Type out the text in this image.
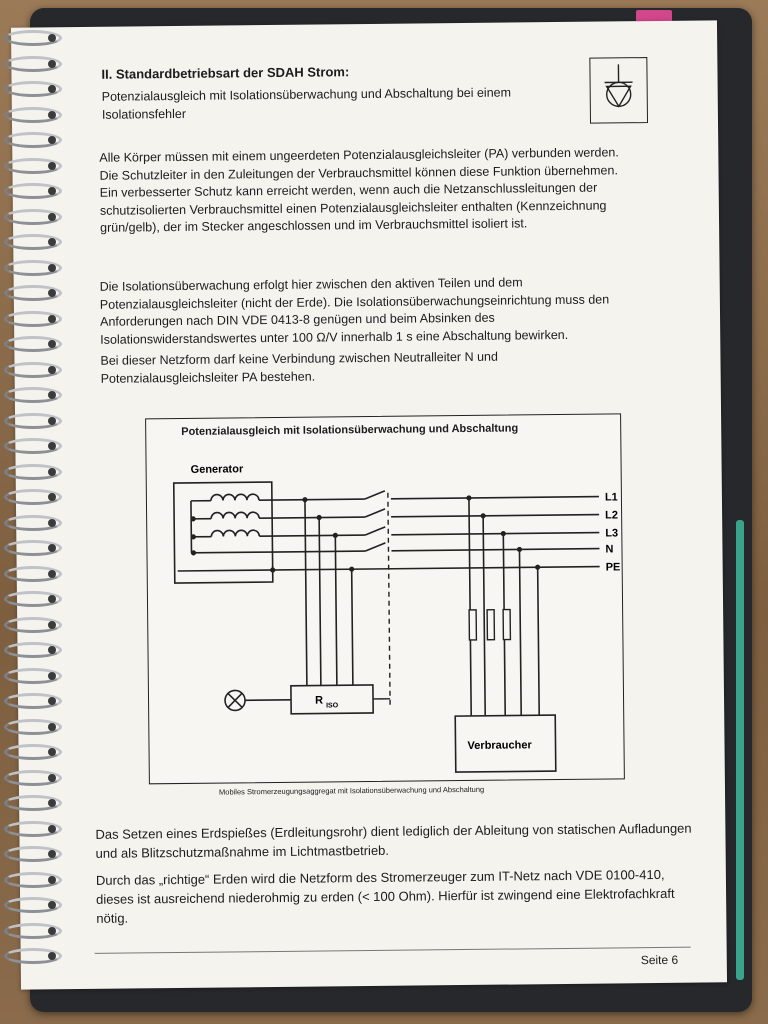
II. Standardbetriebsart der SDAH Strom:

Potenzialausgleich mit Isolationsüberwachung und Abschaltung bei einem Isolationsfehler

Alle Körper müssen mit einem ungeerdeten Potenzialausgleichsleiter (PA) verbunden werden. Die Schutzleiter in den Zuleitungen der Verbrauchsmittel können diese Funktion übernehmen. Ein verbesserter Schutz kann erreicht werden, wenn auch die Netzanschlussleitungen der schutzisolierten Verbrauchsmittel einen Potenzialausgleichsleiter enthalten (Kennzeichnung grün/gelb), der im Stecker angeschlossen und im Verbrauchsmittel isoliert ist.

Die Isolationsüberwachung erfolgt hier zwischen den aktiven Teilen und dem Potenzialausgleichsleiter (nicht der Erde). Die Isolationsüberwachungseinrichtung muss den Anforderungen nach DIN VDE 0413-8 genügen und beim Absinken des Isolationswiderstandswertes unter 100 Ω/V innerhalb 1 s eine Abschaltung bewirken.

Bei dieser Netzform darf keine Verbindung zwischen Neutralleiter N und Potenzialausgleichsleiter PA bestehen.

Generator
L1
L2
L3
N
PE
R ISO
Verbraucher

Potenzialausgleich mit Isolationsüberwachung und Abschaltung

Mobiles Stromerzeugungsaggregat mit Isolationsüberwachung und Abschaltung

Das Setzen eines Erdspießes (Erdleitungsrohr) dient lediglich der Ableitung von statischen Aufladungen und als Blitzschutzmaßnahme im Lichtmastbetrieb.

Durch das „richtige“ Erden wird die Netzform des Stromerzeuger zum IT-Netz nach VDE 0100-410, dieses ist ausreichend niederohmig zu erden (< 100 Ohm). Hierfür ist zwingend eine Elektrofachkraft nötig.

Seite 6
